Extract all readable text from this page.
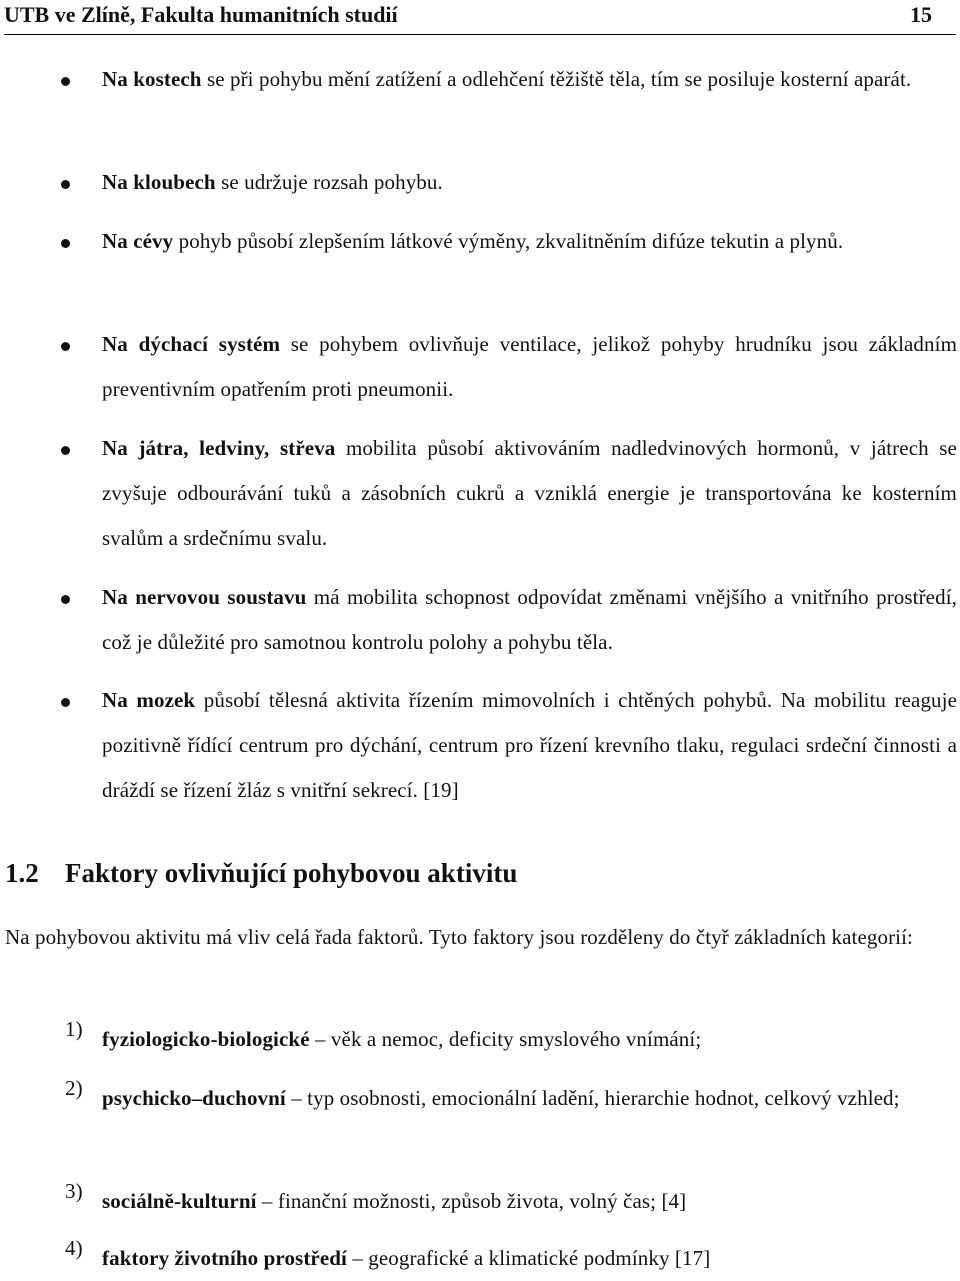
UTB ve Zlíně, Fakulta humanitních studií	15
Na kostech se při pohybu mění zatížení a odlehčení těžiště těla, tím se posiluje kosterní aparát.
Na kloubech se udržuje rozsah pohybu.
Na cévy pohyb působí zlepšením látkové výměny, zkvalitněním difúze tekutin a plynů.
Na dýchací systém se pohybem ovlivňuje ventilace, jelikož pohyby hrudníku jsou základním preventivním opatřením proti pneumonii.
Na játra, ledviny, střeva mobilita působí aktivováním nadledvinových hormonů, v játrech se zvyšuje odbourávání tuků a zásobních cukrů a vzniklá energie je transportována ke kosterním svalům a srdečnímu svalu.
Na nervovou soustavu má mobilita schopnost odpovídat změnami vnějšího a vnitřního prostředí, což je důležité pro samotnou kontrolu polohy a pohybu těla.
Na mozek působí tělesná aktivita řízením mimovolních i chtěných pohybů. Na mobilitu reaguje pozitivně řídící centrum pro dýchání, centrum pro řízení krevního tlaku, regulaci srdeční činnosti a dráždí se řízení žláz s vnitřní sekrecí. [19]
1.2 Faktory ovlivňující pohybovou aktivitu
Na pohybovou aktivitu má vliv celá řada faktorů. Tyto faktory jsou rozděleny do čtyř základních kategorií:
1) fyziologicko-biologické – věk a nemoc, deficity smyslového vnímání;
2) psychicko–duchovní – typ osobnosti, emocionální ladění, hierarchie hodnot, celkový vzhled;
3) sociálně-kulturní – finanční možnosti, způsob života, volný čas; [4]
4) faktory životního prostředí – geografické a klimatické podmínky [17]
